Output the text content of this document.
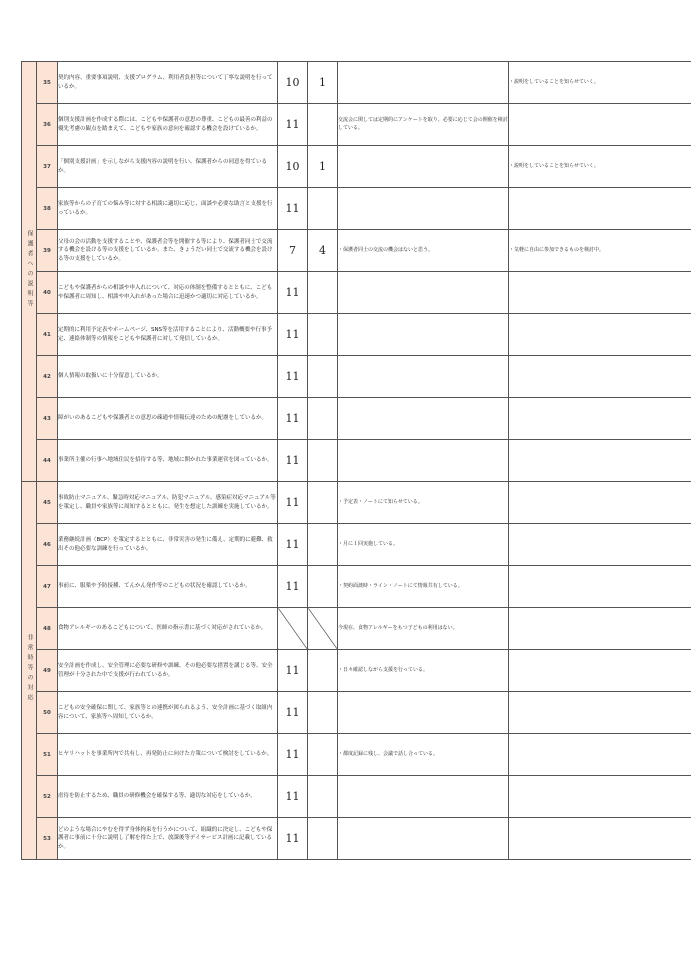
保護者への説明等	35	契約内容、重要事項説明、支援プログラム、利用者負担等について丁寧な説明を行っているか。	10	1		・説明をしていることを知らせていく。
	36	個別支援計画を作成する際には、こどもや保護者の意思の尊重、こどもの最善の利益の優先考慮の観点を踏まえて、こどもや家族の意向を確認する機会を設けているか。	11		交流会に関しては定期的にアンケートを取り、必要に応じて会の開催を検討している。	
	37	「個別支援計画」を示しながら支援内容の説明を行い、保護者からの同意を得ているか。	10	1		・説明をしていることを知らせていく。
	38	家族等からの子育ての悩み等に対する相談に適切に応じ、面談や必要な助言と支援を行っているか。	11			
	39	父母の会の活動を支援することや、保護者会等を開催する等により、保護者同士で交流する機会を設ける等の支援をしているか。また、きょうだい同士で交流する機会を設ける等の支援をしているか。	7	4	・保護者同士の交流の機会はないと思う。	・気軽に自由に参加できるものを検討中。
	40	こどもや保護者からの相談や申入れについて、対応の体制を整備するとともに、こどもや保護者に周知し、相談や申入れがあった場合に迅速かつ適切に対応しているか。	11			
	41	定期的に利用予定表やホームページ、SNS等を活用することにより、活動概要や行事予定、連絡体制等の情報をこどもや保護者に対して発信しているか。	11			
	42	個人情報の取扱いに十分留意しているか。	11			
	43	障がいのあるこどもや保護者との意思の疎通や情報伝達のための配慮をしているか。	11			
	44	事業所主催の行事へ地域住民を招待する等、地域に開かれた事業運営を図っているか。	11			
非常時等の対応	45	事故防止マニュアル、緊急時対応マニュアル、防犯マニュアル、感染症対応マニュアル等を策定し、職員や家族等に周知するとともに、発生を想定した訓練を実施しているか。	11		・予定表・ノートにて知らせている。	
	46	業務継続計画（BCP）を策定するとともに、非常災害の発生に備え、定期的に避難、救出その他必要な訓練を行っているか。	11		・月に１回実施している。	
	47	事前に、服薬や予防接種、てんかん発作等のこどもの状況を確認しているか。	11		・契約面談時・ライン・ノートにて情報共有している。	
	48	食物アレルギーのあるこどもについて、医師の指示書に基づく対応がされているか。			今現在、食物アレルギーをもつ子どもの利用はない。	
	49	安全計画を作成し、安全管理に必要な研修や訓練、その他必要な措置を講じる等、安全管理が十分された中で支援が行われているか。	11		・日々確認しながら支援を行っている。	
	50	こどもの安全確保に関して、家族等との連携が図られるよう、安全計画に基づく取組内容について、家族等へ周知しているか。	11			
	51	ヒヤリハットを事業所内で共有し、再発防止に向けた方策について検討をしているか。	11		・都度記録に残し、会議で話し合っている。	
	52	虐待を防止するため、職員の研修機会を確保する等、適切な対応をしているか。	11			
	53	どのような場合にやむを得ず身体拘束を行うかについて、組織的に決定し、こどもや保護者に事前に十分に説明し了解を得た上で、放課後等デイサービス計画に記載しているか。	11			
